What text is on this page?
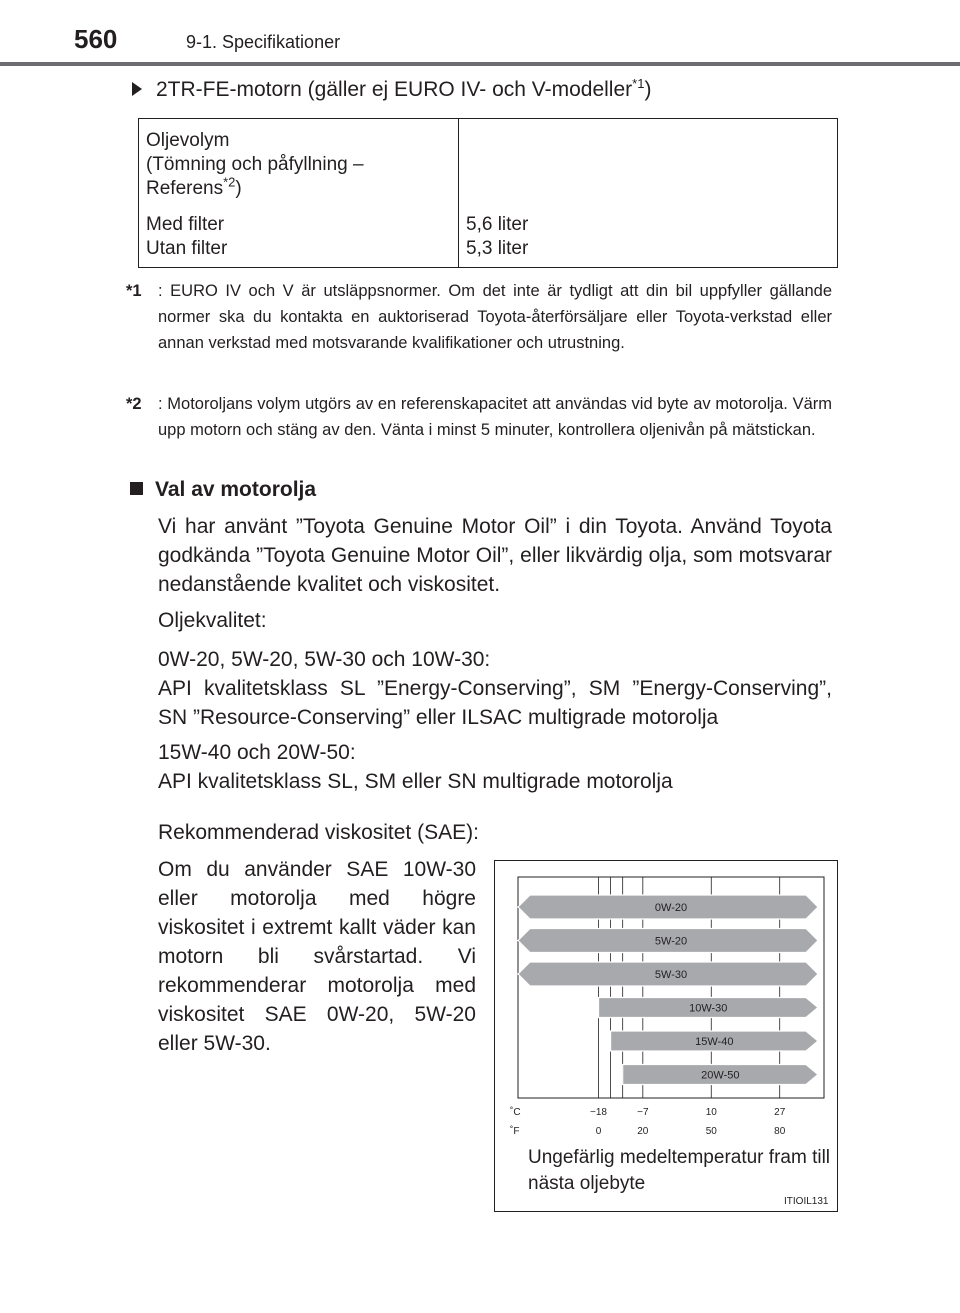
560	9-1. Specifikationer
2TR-FE-motorn (gäller ej EURO IV- och V-modeller$^{*1}$)
Oljevolym
(Tömning och påfyllning –
Referens$^{*2}$)
Med filter
Utan filter
5,6 liter
5,3 liter
*1 : EURO IV och V är utsläppsnormer. Om det inte är tydligt att din bil uppfyller gällande normer ska du kontakta en auktoriserad Toyota-återförsäljare eller Toyota-verkstad eller annan verkstad med motsvarande kvalifikationer och utrustning.
*2 : Motoroljans volym utgörs av en referenskapacitet att användas vid byte av motorolja. Värm upp motorn och stäng av den. Vänta i minst 5 minuter, kontrollera oljenivån på mätstickan.
Val av motorolja
Vi har använt ”Toyota Genuine Motor Oil” i din Toyota. Använd Toyota godkända ”Toyota Genuine Motor Oil”, eller likvärdig olja, som motsvarar nedanstående kvalitet och viskositet.
Oljekvalitet:
0W-20, 5W-20, 5W-30 och 10W-30:
API kvalitetsklass SL ”Energy-Conserving”, SM ”Energy-Conserving”, SN ”Resource-Conserving” eller ILSAC multigrade motorolja
15W-40 och 20W-50:
API kvalitetsklass SL, SM eller SN multigrade motorolja
Rekommenderad viskositet (SAE):
Om du använder SAE 10W-30 eller motorolja med högre viskositet i extremt kallt väder kan motorn bli svårstartad. Vi rekommenderar motorolja med viskositet SAE 0W-20, 5W-20 eller 5W-30.
0W-20
5W-20
5W-30
10W-30
15W-40
20W-50
˚C
˚F
−18
0
−7
20
10
50
27
80
Ungefärlig medeltemperatur fram till nästa oljebyte
ITIOIL131
